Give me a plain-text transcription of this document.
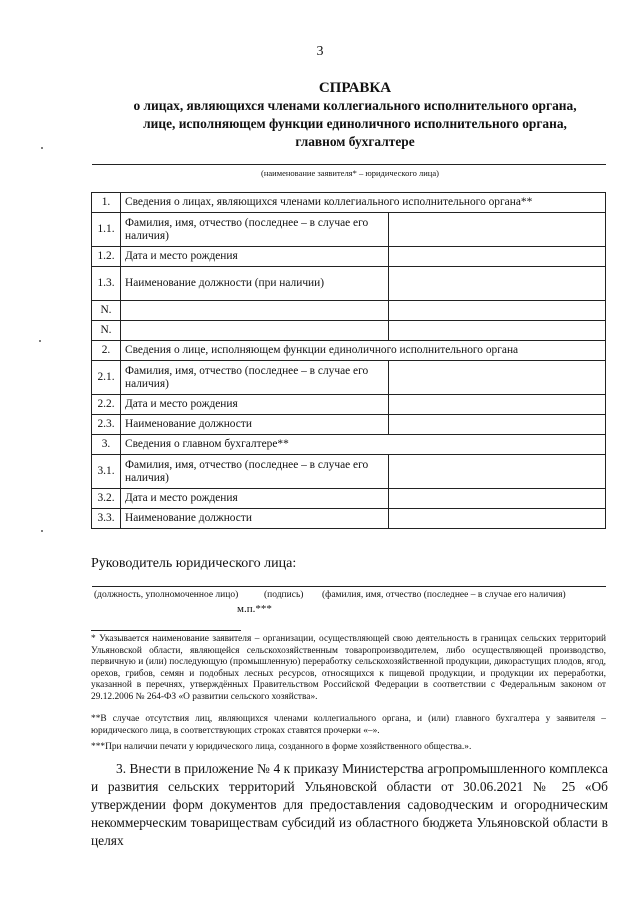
3
СПРАВКА
о лицах, являющихся членами коллегиального исполнительного органа,
лице, исполняющем функции единоличного исполнительного органа,
главном бухгалтере
(наименование заявителя* – юридического лица)
1.	Сведения о лицах, являющихся членами коллегиального исполнительного органа**	
1.1.	Фамилия, имя, отчество (последнее – в случае его наличия)	
1.2.	Дата и место рождения	
1.3.	Наименование должности (при наличии)	
N.		
N.		
2.	Сведения о лице, исполняющем функции единоличного исполнительного органа	
2.1.	Фамилия, имя, отчество (последнее – в случае его наличия)	
2.2.	Дата и место рождения	
2.3.	Наименование должности	
3.	Сведения о главном бухгалтере**	
3.1.	Фамилия, имя, отчество (последнее – в случае его наличия)	
3.2.	Дата и место рождения	
3.3.	Наименование должности	
Руководитель юридического лица:
(должность, уполномоченное лицо)	(подпись) (фамилия, имя, отчество (последнее – в случае его наличия)
м.п.***
* Указывается наименование заявителя – организации, осуществляющей свою деятельность в границах сельских территорий Ульяновской области, являющейся сельскохозяйственным товаропроизводителем, либо осуществляющей производство, первичную и (или) последующую (промышленную) переработку сельскохозяйственной продукции, дикорастущих плодов, ягод, орехов, грибов, семян и подобных лесных ресурсов, относящихся к пищевой продукции, и продукции их переработки, указанной в перечнях, утверждённых Правительством Российской Федерации в соответствии с Федеральным законом от 29.12.2006 № 264-ФЗ «О развитии сельского хозяйства».
**В случае отсутствия лиц, являющихся членами коллегиального органа, и (или) главного бухгалтера у заявителя – юридического лица, в соответствующих строках ставятся прочерки «–».
***При наличии печати у юридического лица, созданного в форме хозяйственного общества.».
3. Внести в приложение № 4 к приказу Министерства агропромышленного комплекса и развития сельских территорий Ульяновской области от 30.06.2021 № 25 «Об утверждении форм документов для предоставления садоводческим и огородническим некоммерческим товариществам субсидий из областного бюджета Ульяновской области в целях
